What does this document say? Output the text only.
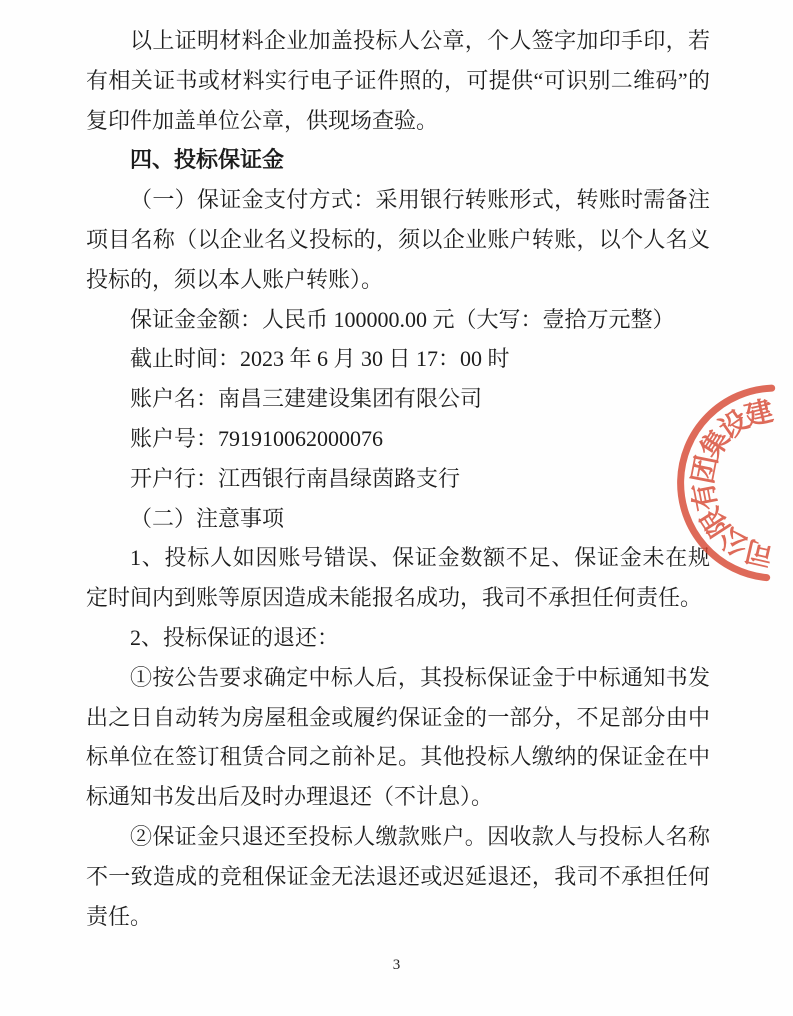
以上证明材料企业加盖投标人公章，个人签字加印手印，若有相关证书或材料实行电子证件照的，可提供“可识别二维码”的复印件加盖单位公章，供现场查验。

四、投标保证金

（一）保证金支付方式：采用银行转账形式，转账时需备注项目名称（以企业名义投标的，须以企业账户转账，以个人名义投标的，须以本人账户转账）。

保证金金额：人民币 100000.00 元（大写：壹拾万元整）

截止时间：2023 年 6 月 30 日 17：00 时

账户名：南昌三建建设集团有限公司

账户号：791910062000076

开户行：江西银行南昌绿茵路支行

（二）注意事项

1、投标人如因账号错误、保证金数额不足、保证金未在规定时间内到账等原因造成未能报名成功，我司不承担任何责任。

2、投标保证的退还：

①按公告要求确定中标人后，其投标保证金于中标通知书发出之日自动转为房屋租金或履约保证金的一部分，不足部分由中标单位在签订租赁合同之前补足。其他投标人缴纳的保证金在中标通知书发出后及时办理退还（不计息）。

②保证金只退还至投标人缴款账户。因收款人与投标人名称不一致造成的竞租保证金无法退还或迟延退还，我司不承担任何责任。

建
设
集
团
有
限
公
司
3
